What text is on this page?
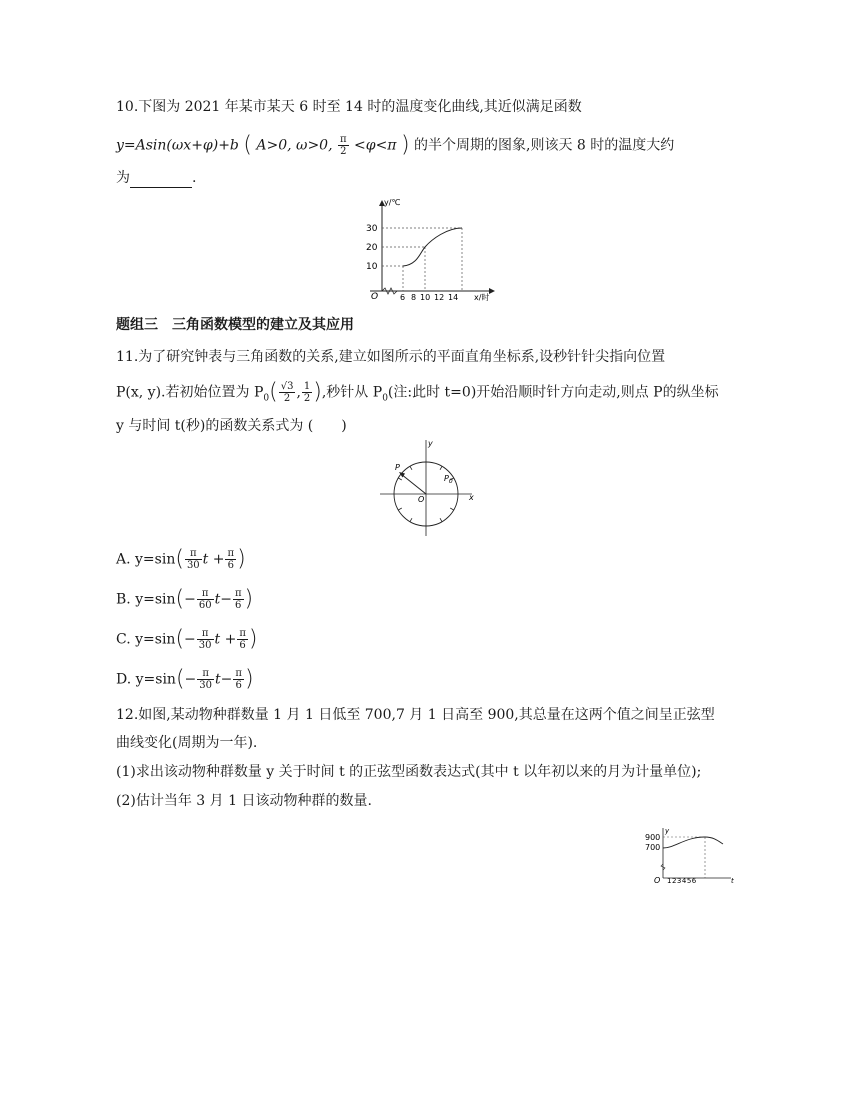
10.下图为 2021 年某市某天 6 时至 14 时的温度变化曲线,其近似满足函数
y=Asin(ωx+φ)+b ( A>0, ω>0, $\frac{\pi}{2} <\varphi<\pi$ ) 的半个周期的图象,则该天 8 时的温度大约
为	.
y/℃
x/时
O
30
20
10
6 8 10 12 14
题组三　三角函数模型的建立及其应用
11.为了研究钟表与三角函数的关系,建立如图所示的平面直角坐标系,设秒针针尖指向位置
P(x, y).若初始位置为 $P_0( \frac{√3}{2}$ , $\frac{1}{2}$ ),秒针从 $P_0$(注:此时 t=0)开始沿顺时针方向走动,则点 P的纵坐标
y 与时间 t(秒)的函数关系式为 (　　)
y
x
O
P
$P_0$
A. $y=\sin( \frac{\pi}{30}$ $t + \frac{\pi}{6}$ )
B. $y=\sin(- \frac{\pi}{60} t- \frac{\pi}{6}$ )
C. $y=\sin(- \frac{\pi}{30}$ $t + \frac{\pi}{6}$ )
D. $y=\sin(- \frac{\pi}{30} t- \frac{\pi}{6}$ )
12.如图,某动物种群数量 1 月 1 日低至 700,7 月 1 日高至 900,其总量在这两个值之间呈正弦型
曲线变化(周期为一年).
(1)求出该动物种群数量 y 关于时间 t 的正弦型函数表达式(其中 t 以年初以来的月为计量单位);
(2)估计当年 3 月 1 日该动物种群的数量.
y
900
700
O 123456	t
